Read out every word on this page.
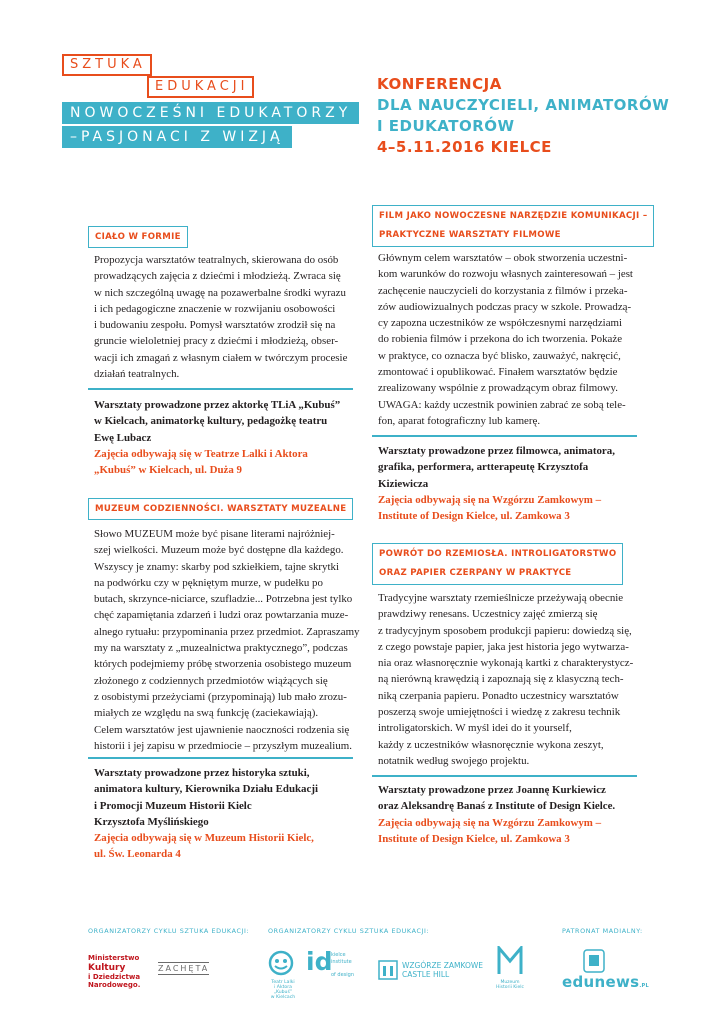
SZTUKA
EDUKACJI
NOWOCZEŚNI EDUKATORZY
–PASJONACI Z WIZJĄ
KONFERENCJA
DLA NAUCZYCIELI, ANIMATORÓW
I EDUKATORÓW
4–5.11.2016 KIELCE
CIAŁO W FORMIE
Propozycja warsztatów teatralnych, skierowana do osób
prowadzących zajęcia z dziećmi i młodzieżą. Zwraca się
w nich szczególną uwagę na pozawerbalne środki wyrazu
i ich pedagogiczne znaczenie w rozwijaniu osobowości
i budowaniu zespołu. Pomysł warsztatów zrodził się na
gruncie wieloletniej pracy z dziećmi i młodzieżą, obser-
wacji ich zmagań z własnym ciałem w twórczym procesie
działań teatralnych.
Warsztaty prowadzone przez aktorkę TLiA „Kubuś”
w Kielcach, animatorkę kultury, pedagożkę teatru
Ewę Lubacz
Zajęcia odbywają się w Teatrze Lalki i Aktora
„Kubuś” w Kielcach, ul. Duża 9
MUZEUM CODZIENNOŚCI. WARSZTATY MUZEALNE
Słowo MUZEUM może być pisane literami najróżniej-
szej wielkości. Muzeum może być dostępne dla każdego.
Wszyscy je znamy: skarby pod szkiełkiem, tajne skrytki
na podwórku czy w pękniętym murze, w pudełku po
butach, skrzynce-niciarce, szufladzie... Potrzebna jest tylko
chęć zapamiętania zdarzeń i ludzi oraz powtarzania muze-
alnego rytuału: przypominania przez przedmiot. Zapraszamy
my na warsztaty z „muzealnictwa praktycznego”, podczas
których podejmiemy próbę stworzenia osobistego muzeum
złożonego z codziennych przedmiotów wiążących się
z osobistymi przeżyciami (przypominają) lub mało zrozu-
miałych ze względu na swą funkcję (zaciekawiają).
Celem warsztatów jest ujawnienie naoczności rodzenia się
historii i jej zapisu w przedmiocie – przyszłym muzealium.
Warsztaty prowadzone przez historyka sztuki,
animatora kultury, Kierownika Działu Edukacji
i Promocji Muzeum Historii Kielc
Krzysztofa Myślińskiego
Zajęcia odbywają się w Muzeum Historii Kielc,
ul. Św. Leonarda 4
FILM JAKO NOWOCZESNE NARZĘDZIE KOMUNIKACJI –
PRAKTYCZNE WARSZTATY FILMOWE
Głównym celem warsztatów – obok stworzenia uczestni-
kom warunków do rozwoju własnych zainteresowań – jest
zachęcenie nauczycieli do korzystania z filmów i przeka-
zów audiowizualnych podczas pracy w szkole. Prowadzą-
cy zapozna uczestników ze współczesnymi narzędziami
do robienia filmów i przekona do ich tworzenia. Pokaże
w praktyce, co oznacza być blisko, zauważyć, nakręcić,
zmontować i opublikować. Finałem warsztatów będzie
zrealizowany wspólnie z prowadzącym obraz filmowy.
UWAGA: każdy uczestnik powinien zabrać ze sobą tele-
fon, aparat fotograficzny lub kamerę.
Warsztaty prowadzone przez filmowca, animatora,
grafika, performera, artterapeutę Krzysztofa
Kiziewicza
Zajęcia odbywają się na Wzgórzu Zamkowym –
Institute of Design Kielce, ul. Zamkowa 3
POWRÓT DO RZEMIOSŁA. INTROLIGATORSTWO
ORAZ PAPIER CZERPANY W PRAKTYCE
Tradycyjne warsztaty rzemieślnicze przeżywają obecnie
prawdziwy renesans. Uczestnicy zajęć zmierzą się
z tradycyjnym sposobem produkcji papieru: dowiedzą się,
z czego powstaje papier, jaka jest historia jego wytwarza-
nia oraz własnoręcznie wykonają kartki z charakterystycz-
ną nierówną krawędzią i zapoznają się z klasyczną tech-
niką czerpania papieru. Ponadto uczestnicy warsztatów
poszerzą swoje umiejętności i wiedzę z zakresu technik
introligatorskich. W myśl idei do it yourself,
każdy z uczestników własnoręcznie wykona zeszyt,
notatnik według swojego projektu.
Warsztaty prowadzone przez Joannę Kurkiewicz
oraz Aleksandrę Banaś z Institute of Design Kielce.
Zajęcia odbywają się na Wzgórzu Zamkowym –
Institute of Design Kielce, ul. Zamkowa 3
ORGANIZATORZY CYKLU SZTUKA EDUKACJI:	ORGANIZATORZY CYKLU SZTUKA EDUKACJI:	PATRONAT MADIALNY:
Ministerstwo
Kultury
i Dziedzictwa
Narodowego.
ZACHĘTA
Teatr Lalki
i Aktora „Kubuś”
w Kielcach
id
kielce
institute
of design
WZGÓRZE ZAMKOWE
CASTLE HILL
Muzeum
Historii Kielc	edunews.PL
